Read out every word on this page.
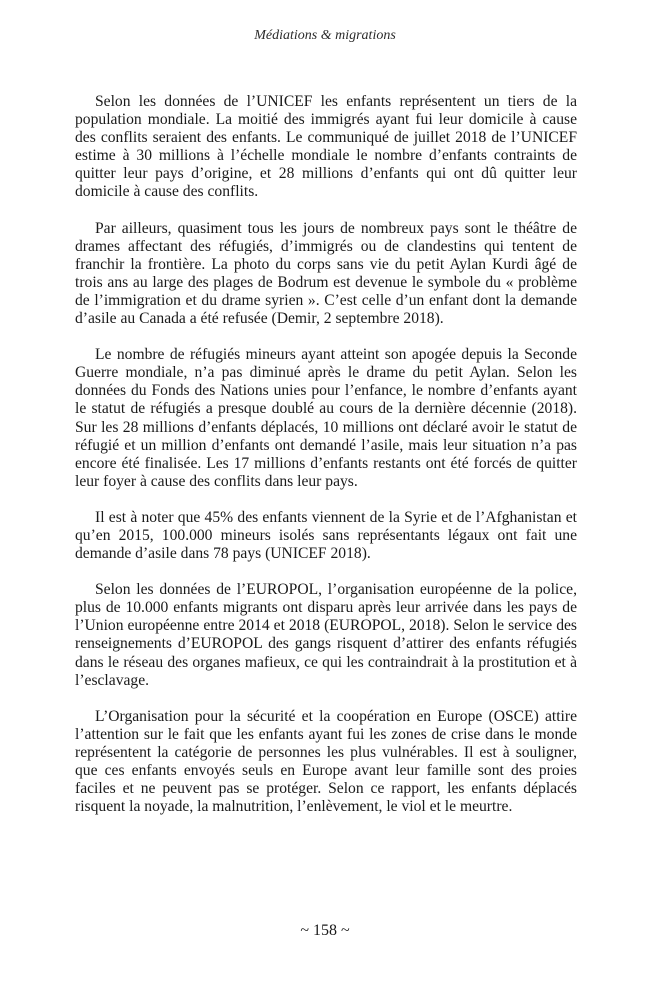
Médiations & migrations

Selon les données de l’UNICEF les enfants représentent un tiers de la population mondiale. La moitié des immigrés ayant fui leur domicile à cause des conflits seraient des enfants. Le communiqué de juillet 2018 de l’UNICEF estime à 30 millions à l’échelle mondiale le nombre d’enfants contraints de quitter leur pays d’origine, et 28 millions d’enfants qui ont dû quitter leur domicile à cause des conflits.

Par ailleurs, quasiment tous les jours de nombreux pays sont le théâtre de drames affectant des réfugiés, d’immigrés ou de clandestins qui tentent de franchir la frontière. La photo du corps sans vie du petit Aylan Kurdi âgé de trois ans au large des plages de Bodrum est devenue le symbole du « problème de l’immigration et du drame syrien ». C’est celle d’un enfant dont la demande d’asile au Canada a été refusée (Demir, 2 septembre 2018).

Le nombre de réfugiés mineurs ayant atteint son apogée depuis la Seconde Guerre mondiale, n’a pas diminué après le drame du petit Aylan. Selon les données du Fonds des Nations unies pour l’enfance, le nombre d’enfants ayant le statut de réfugiés a presque doublé au cours de la dernière décennie (2018). Sur les 28 millions d’enfants déplacés, 10 millions ont déclaré avoir le statut de réfugié et un million d’enfants ont demandé l’asile, mais leur situation n’a pas encore été finalisée. Les 17 millions d’enfants restants ont été forcés de quitter leur foyer à cause des conflits dans leur pays.

Il est à noter que 45% des enfants viennent de la Syrie et de l’Afghanistan et qu’en 2015, 100.000 mineurs isolés sans représentants légaux ont fait une demande d’asile dans 78 pays (UNICEF 2018).

Selon les données de l’EUROPOL, l’organisation européenne de la police, plus de 10.000 enfants migrants ont disparu après leur arrivée dans les pays de l’Union européenne entre 2014 et 2018 (EUROPOL, 2018). Selon le service des renseignements d’EUROPOL des gangs risquent d’attirer des enfants réfugiés dans le réseau des organes mafieux, ce qui les contraindrait à la prostitution et à l’esclavage.

L’Organisation pour la sécurité et la coopération en Europe (OSCE) attire l’attention sur le fait que les enfants ayant fui les zones de crise dans le monde représentent la catégorie de personnes les plus vulnérables. Il est à souligner, que ces enfants envoyés seuls en Europe avant leur famille sont des proies faciles et ne peuvent pas se protéger. Selon ce rapport, les enfants déplacés risquent la noyade, la malnutrition, l’enlèvement, le viol et le meurtre.

~ 158 ~
